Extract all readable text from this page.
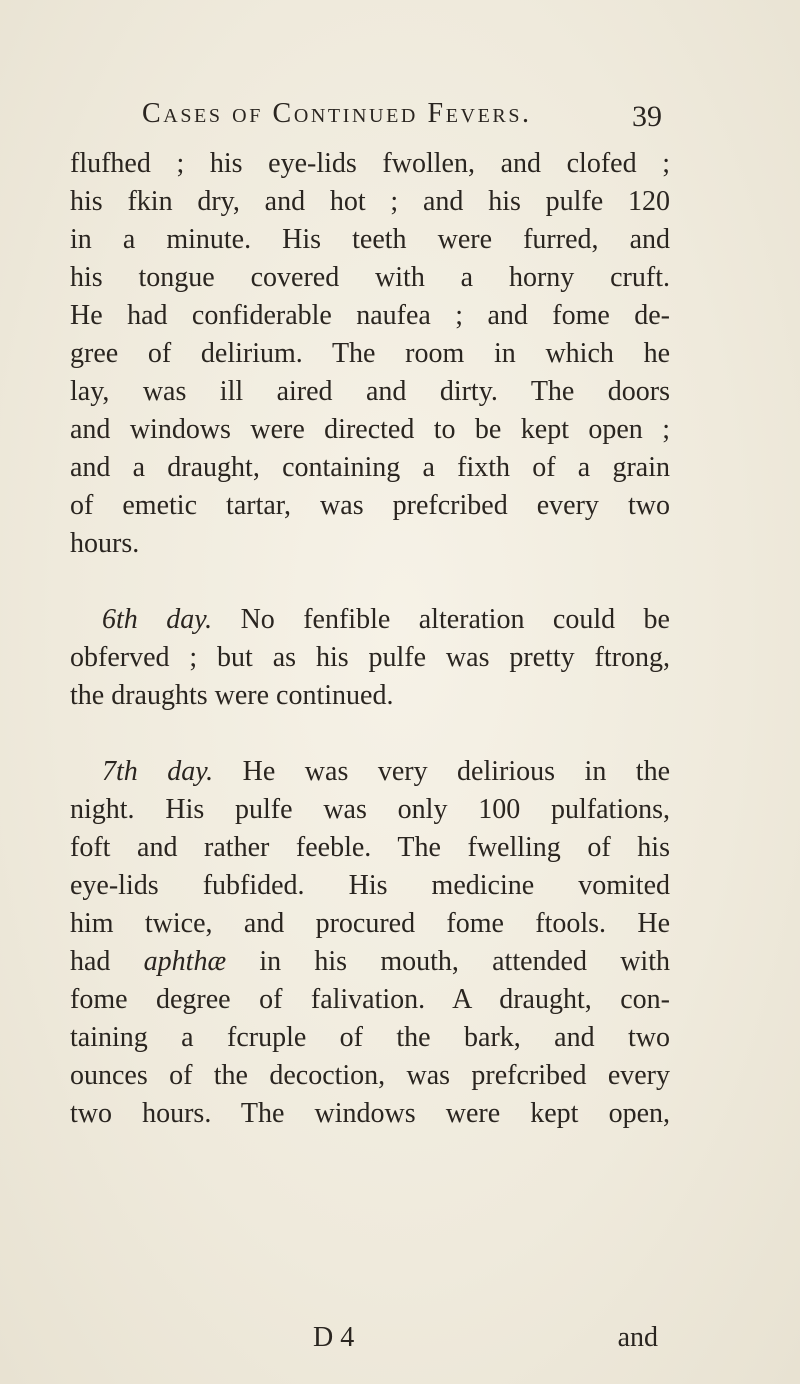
Cases of Continued Fevers.	39
flufhed ; his eye-lids fwollen, and clofed ;
his fkin dry, and hot ; and his pulfe 120
in a minute. His teeth were furred, and
his tongue covered with a horny cruft.
He had confiderable naufea ; and fome de-
gree of delirium. The room in which he
lay, was ill aired and dirty. The doors
and windows were directed to be kept open ;
and a draught, containing a fixth of a grain
of emetic tartar, was prefcribed every two
hours.
6th day. No fenfible alteration could be
obferved ; but as his pulfe was pretty ftrong,
the draughts were continued.
7th day. He was very delirious in the
night. His pulfe was only 100 pulfations,
foft and rather feeble. The fwelling of his
eye-lids fubfided. His medicine vomited
him twice, and procured fome ftools. He
had aphthæ in his mouth, attended with
fome degree of falivation. A draught, con-
taining a fcruple of the bark, and two
ounces of the decoction, was prefcribed every
two hours. The windows were kept open,
D 4	and
